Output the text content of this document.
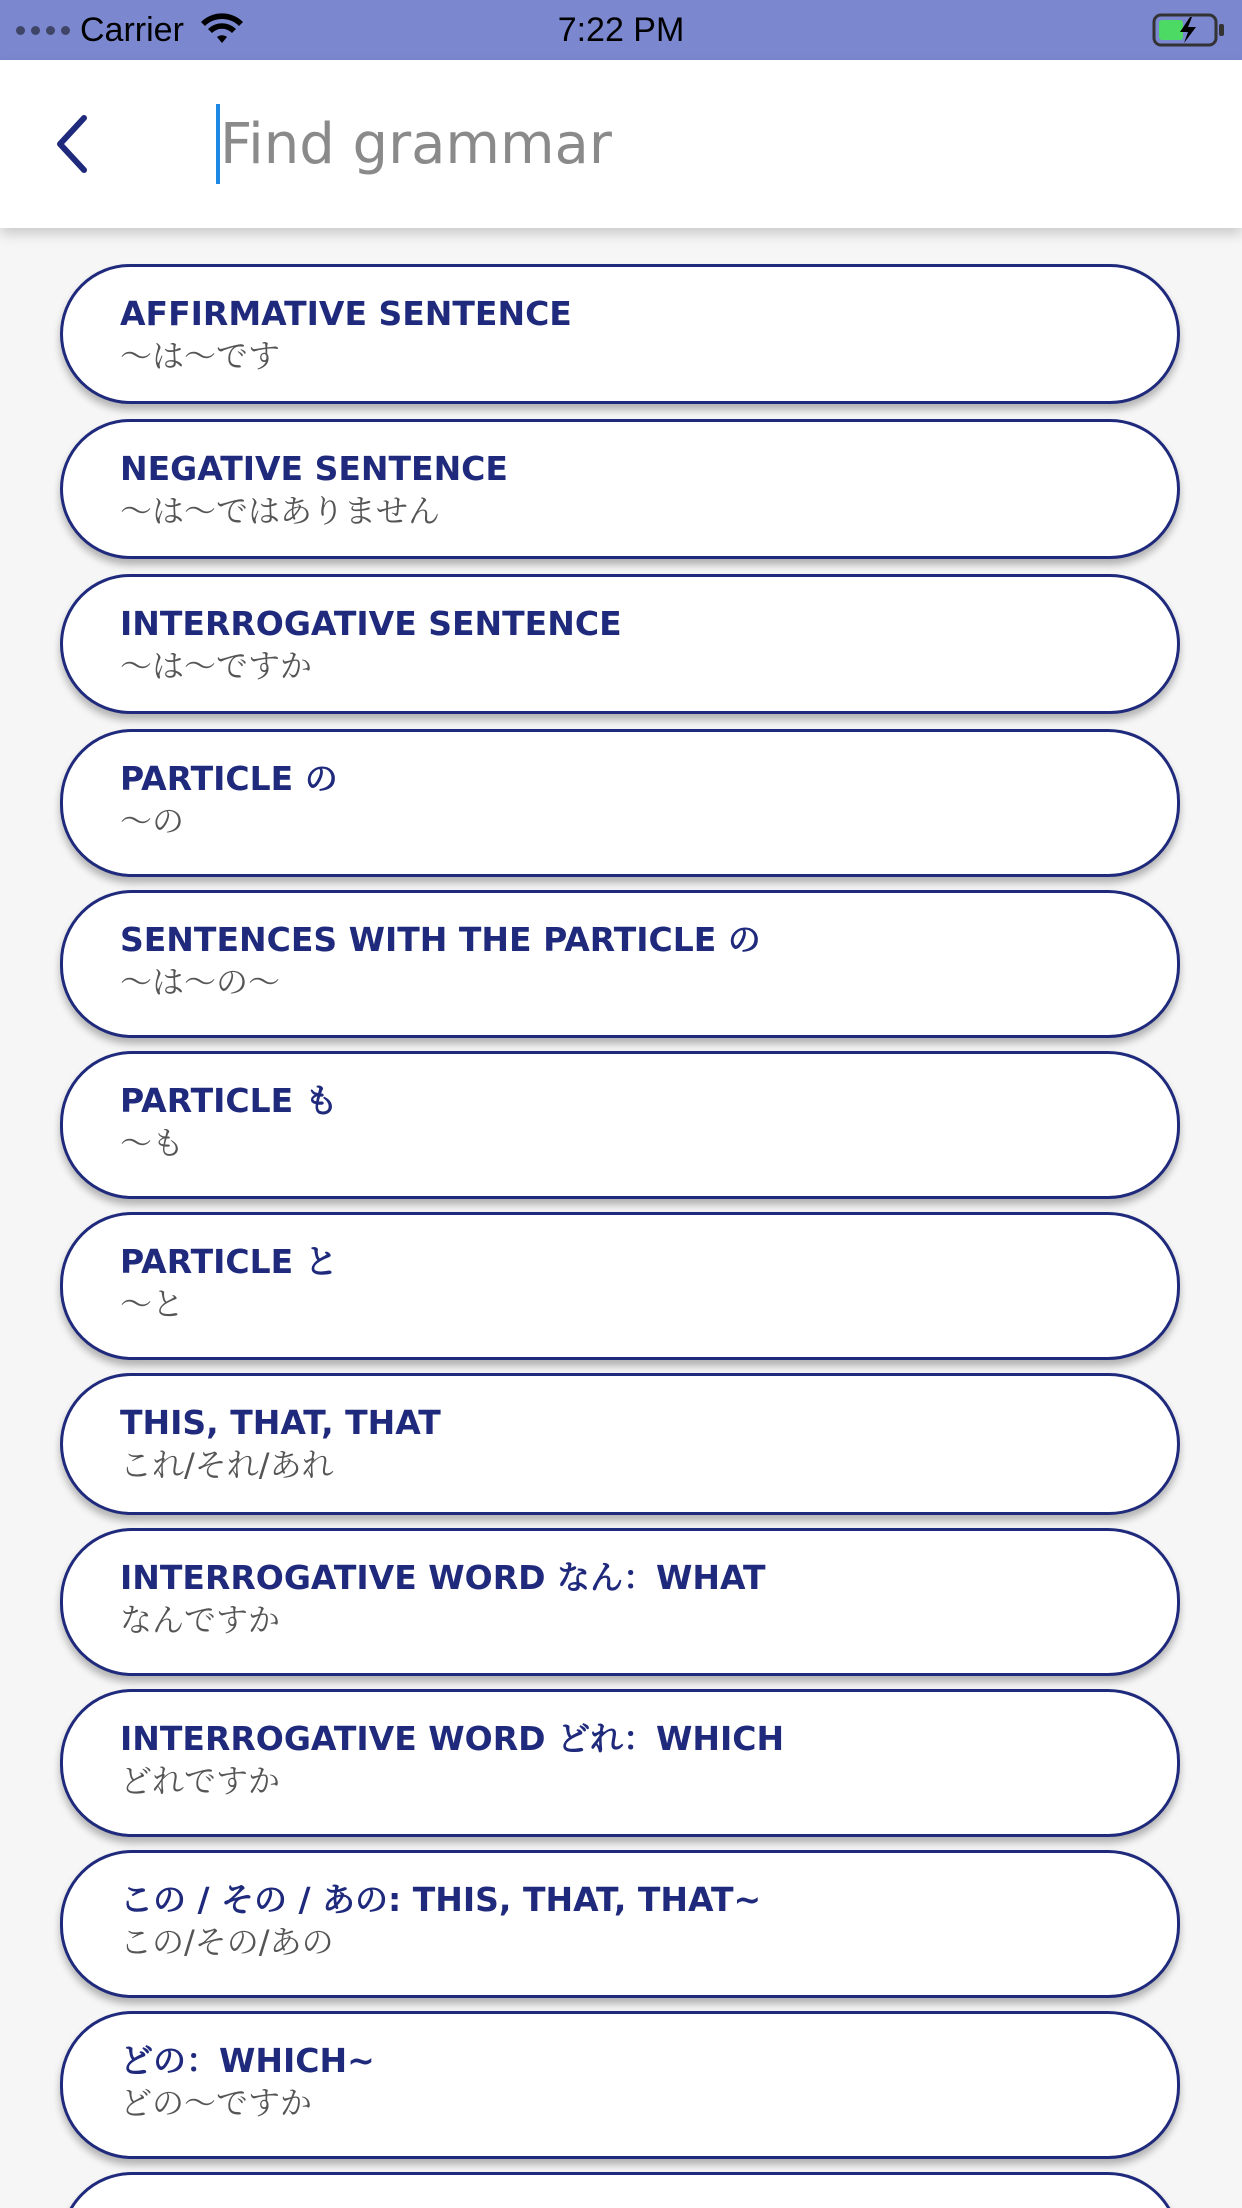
Carrier	7:22 PM
Find grammar
AFFIRMATIVE SENTENCE
～は～です
NEGATIVE SENTENCE
～は～ではありません
INTERROGATIVE SENTENCE
～は～ですか
PARTICLE の
～の
SENTENCES WITH THE PARTICLE の
～は～の～
PARTICLE も
～も
PARTICLE と
～と
THIS, THAT, THAT
これ/それ/あれ
INTERROGATIVE WORD なん：WHAT
なんですか
INTERROGATIVE WORD どれ：WHICH
どれですか
この / その / あの: THIS, THAT, THAT~
この/その/あの
どの：WHICH~
どの～ですか
